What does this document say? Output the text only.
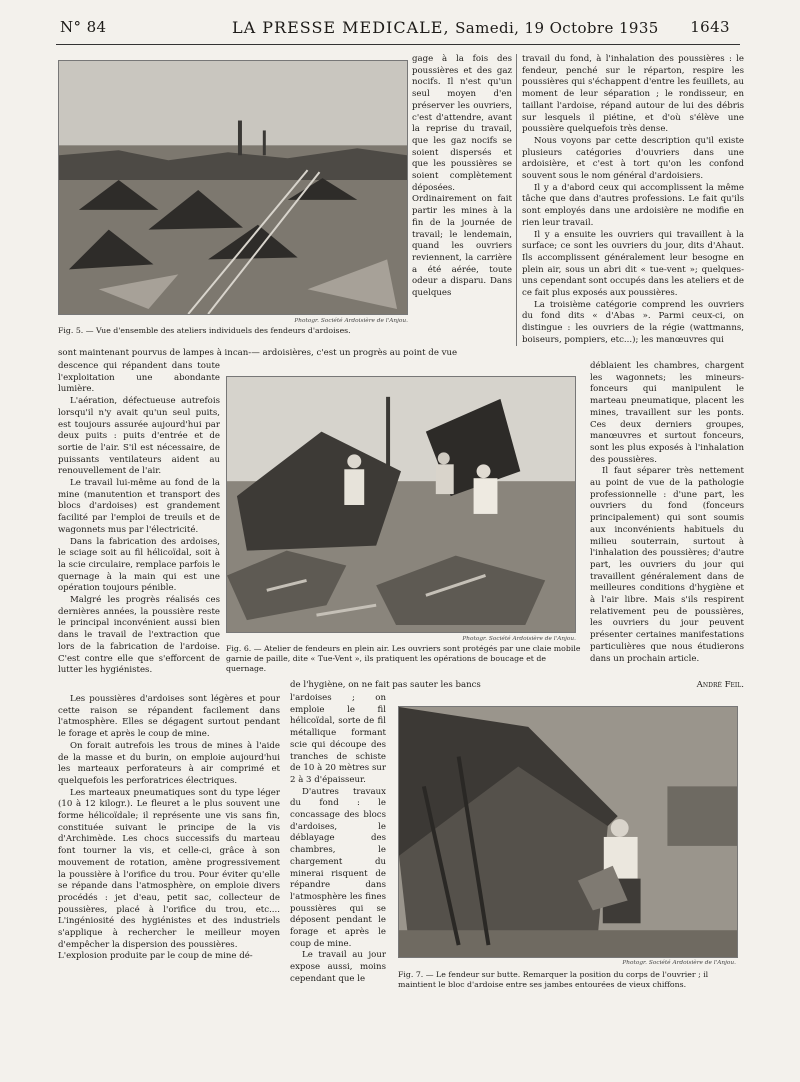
N° 84	LA PRESSE MEDICALE, Samedi, 19 Octobre 1935 1643

Photogr. Société Ardoisière de l'Anjou.

Fig. 5. — Vue d'ensemble des ateliers individuels des fendeurs d'ardoises.

gage à la fois des poussières et des gaz nocifs. Il n'est qu'un seul moyen d'en préserver les ouvriers, c'est d'attendre, avant la reprise du travail, que les gaz nocifs se soient dispersés et que les poussières se soient complètement déposées. Ordinairement on fait partir les mines à la fin de la journée de travail; le lendemain, quand les ouvriers reviennent, la carrière a été aérée, toute odeur a disparu. Dans quelques

travail du fond, à l'inhalation des poussières : le fendeur, penché sur le réparton, respire les poussières qui s'échappent d'entre les feuillets, au moment de leur séparation ; le rondisseur, en taillant l'ardoise, répand autour de lui des débris sur lesquels il piétine, et d'où s'élève une poussière quelquefois très dense.

Nous voyons par cette description qu'il existe plusieurs catégories d'ouvriers dans une ardoisière, et c'est à tort qu'on les confond souvent sous le nom général d'ardoisiers.

Il y a d'abord ceux qui accomplissent la même tâche que dans d'autres professions. Le fait qu'ils sont employés dans une ardoisière ne modifie en rien leur travail.

Il y a ensuite les ouvriers qui travaillent à la surface; ce sont les ouvriers du jour, dits d'Ahaut. Ils accomplissent généralement leur besogne en plein air, sous un abri dit « tue-vent »; quelques-uns cependant sont occupés dans les ateliers et de ce fait plus exposés aux poussières.

La troisième catégorie comprend les ouvriers du fond dits « d'Abas ». Parmi ceux-ci, on distingue : les ouvriers de la régie (wattmanns, boiseurs, pompiers, etc...); les manœuvres qui

sont maintenant pourvus de lampes à incan-— ardoisières, c'est un progrès au point de vue

descence qui répandent dans toute l'exploitation une abondante lumière.

L'aération, défectueuse autrefois lorsqu'il n'y avait qu'un seul puits, est toujours assurée aujourd'hui par deux puits : puits d'entrée et de sortie de l'air. S'il est nécessaire, de puissants ventilateurs aident au renouvellement de l'air.

Le travail lui-même au fond de la mine (manutention et transport des blocs d'ardoises) est grandement facilité par l'emploi de treuils et de wagonnets mus par l'électricité.

Dans la fabrication des ardoises, le sciage soit au fil hélicoïdal, soit à la scie circulaire, remplace parfois le quernage à la main qui est une opération toujours pénible.

Malgré les progrès réalisés ces dernières années, la poussière reste le principal inconvénient aussi bien dans le travail de l'extraction que lors de la fabrication de l'ardoise. C'est contre elle que s'efforcent de lutter les hygiénistes.

Les poussières d'ardoises sont légères et pour cette raison se répandent facilement dans l'atmosphère. Elles se dégagent surtout pendant le forage et après le coup de mine.

On forait autrefois les trous de mines à l'aide de la masse et du burin, on emploie aujourd'hui les marteaux perforateurs à air comprimé et quelquefois les perforatrices électriques.

Les marteaux pneumatiques sont du type léger (10 à 12 kilogr.). Le fleuret a le plus souvent une forme hélicoïdale; il représente une vis sans fin, constituée suivant le principe de la vis d'Archimède. Les chocs successifs du marteau font tourner la vis, et celle-ci, grâce à son mouvement de rotation, amène progressivement la poussière à l'orifice du trou. Pour éviter qu'elle se répande dans l'atmosphère, on emploie divers procédés : jet d'eau, petit sac, collecteur de poussières, placé à l'orifice du trou, etc.... L'ingéniosité des hygiénistes et des industriels s'applique à rechercher le meilleur moyen d'empêcher la dispersion des poussières.

L'explosion produite par le coup de mine dé-

Photogr. Société Ardoisière de l'Anjou.

Fig. 6. — Atelier de fendeurs en plein air. Les ouvriers sont protégés par une claie mobile garnie de paille, dite « Tue-Vent », ils pratiquent les opérations de boucage et de quernage.

déblaient les chambres, chargent les wagonnets; les mineurs-fonceurs qui manipulent le marteau pneumatique, placent les mines, travaillent sur les ponts. Ces deux derniers groupes, manœuvres et surtout fonceurs, sont les plus exposés à l'inhalation des poussières.

Il faut séparer très nettement au point de vue de la pathologie professionnelle : d'une part, les ouvriers du fond (fonceurs principalement) qui sont soumis aux inconvénients habituels du milieu souterrain, surtout à l'inhalation des poussières; d'autre part, les ouvriers du jour qui travaillent généralement dans de meilleures conditions d'hygiène et à l'air libre. Mais s'ils respirent relativement peu de poussières, les ouvriers du jour peuvent présenter certaines manifestations particulières que nous étudierons dans un prochain article.

André Feil.

de l'hygiène, on ne fait pas sauter les bancs

l'ardoises ; on emploie le fil hélicoïdal, sorte de fil métallique formant scie qui découpe des tranches de schiste de 10 à 20 mètres sur 2 à 3 d'épaisseur.

D'autres travaux du fond : le concassage des blocs d'ardoises, le déblayage des chambres, le chargement du minerai risquent de répandre dans l'atmosphère les fines poussières qui se déposent pendant le forage et après le coup de mine.

Le travail au jour expose aussi, moins cependant que le

Photogr. Société Ardoisière de l'Anjou.

Fig. 7. — Le fendeur sur butte. Remarquer la position du corps de l'ouvrier ; il maintient le bloc d'ardoise entre ses jambes entourées de vieux chiffons.
